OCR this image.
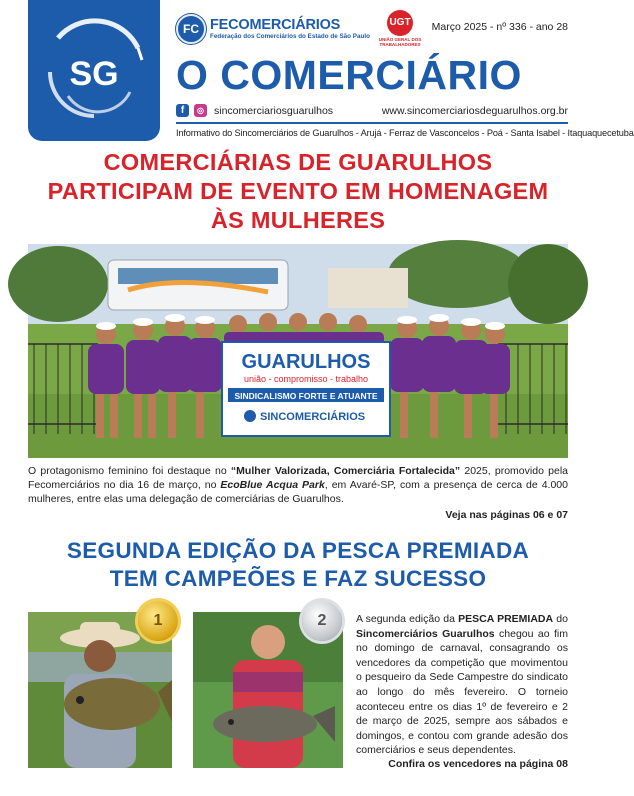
SG
FC FECOMERCIÁRIOS
Federação dos Comerciários do Estado de São Paulo
UGT
UNIÃO GERAL DOS TRABALHADORES
Março 2025 - nº 336 - ano 28
O COMERCIÁRIO
f	◎ sincomerciariosguarulhos	www.sincomerciariosdeguarulhos.org.br
Informativo do Sincomerciários de Guarulhos - Arujá - Ferraz de Vasconcelos - Poá - Santa Isabel - Itaquaquecetuba
COMERCIÁRIAS DE GUARULHOS
PARTICIPAM DE EVENTO EM HOMENAGEM
ÀS MULHERES
GUARULHOS
união - compromisso - trabalho
SINDICALISMO FORTE E ATUANTE
SINCOMERCIÁRIOS
O protagonismo feminino foi destaque no “Mulher Valorizada, Comerciária Fortalecida” 2025, promovido pela Fecomerciários no dia 16 de março, no EcoBlue Acqua Park, em Avaré-SP, com a presença de cerca de 4.000 mulheres, entre elas uma delegação de comerciárias de Guarulhos.
Veja nas páginas 06 e 07
SEGUNDA EDIÇÃO DA PESCA PREMIADA
TEM CAMPEÕES E FAZ SUCESSO
1	2	A segunda edição da PESCA PREMIADA do Sincomerciários Guarulhos chegou ao fim no domingo de carnaval, consagrando os vencedores da competição que movimentou o pesqueiro da Sede Campestre do sindicato ao longo do mês fevereiro. O torneio aconteceu entre os dias 1º de fevereiro e 2 de março de 2025, sempre aos sábados e domingos, e contou com grande adesão dos comerciários e seus dependentes.
Confira os vencedores na página 08
